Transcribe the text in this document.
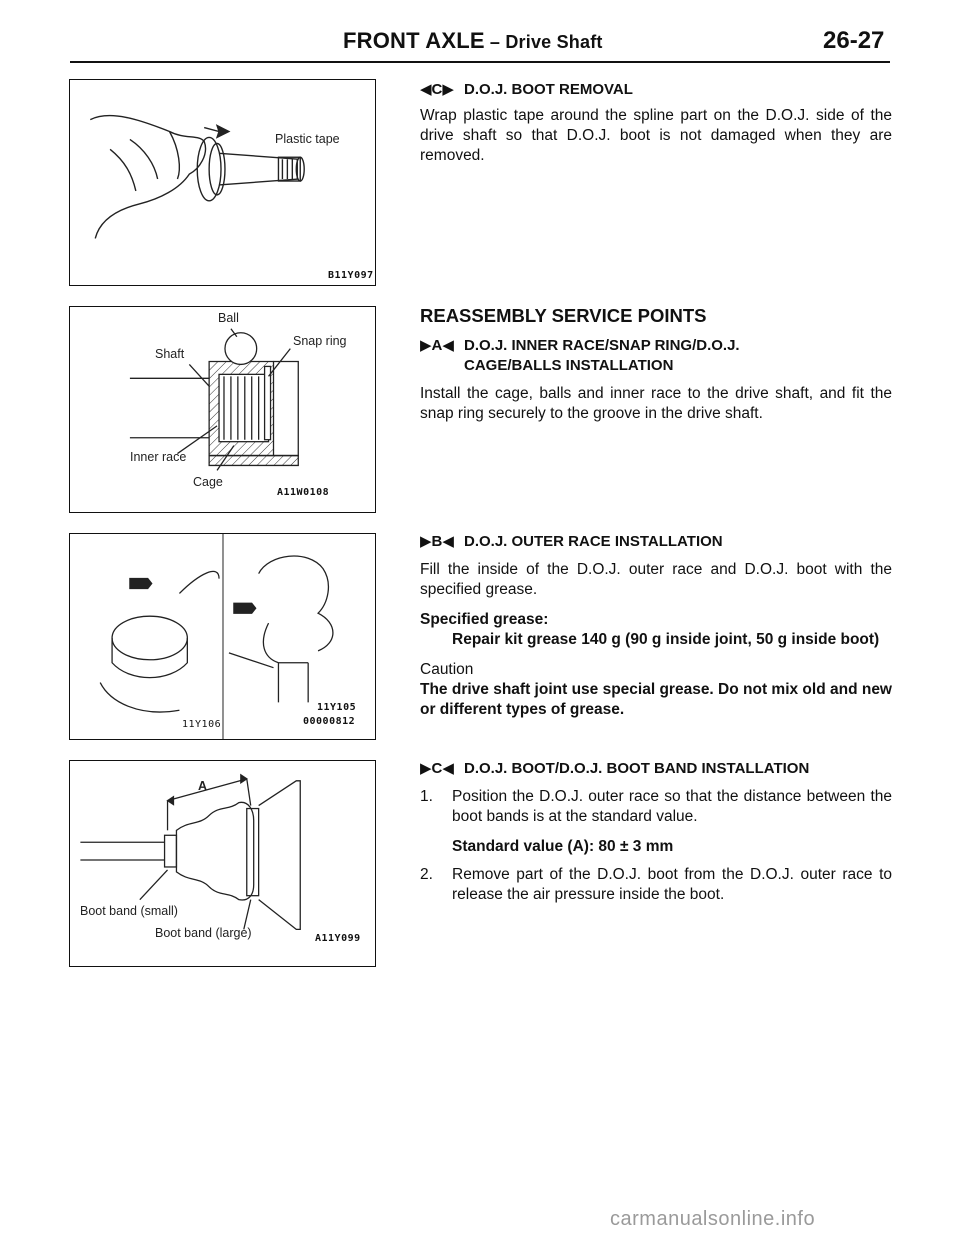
FRONT AXLE – Drive Shaft	26-27
Plastic tape
B11Y097
Ball
Snap ring
Shaft
Inner race
Cage
A11W0108
11Y106
11Y105
00000812
A
Boot band (small)
Boot band (large)	A11Y099
◀C▶ D.O.J. BOOT REMOVAL
Wrap plastic tape around the spline part on the D.O.J. side of the drive shaft so that D.O.J. boot is not damaged when they are removed.
REASSEMBLY SERVICE POINTS
▶A◀ D.O.J. INNER RACE/SNAP RING/D.O.J.
CAGE/BALLS INSTALLATION
Install the cage, balls and inner race to the drive shaft, and fit the snap ring securely to the groove in the drive shaft.
▶B◀ D.O.J. OUTER RACE INSTALLATION
Fill the inside of the D.O.J. outer race and D.O.J. boot with the specified grease.
Specified grease:
Repair kit grease 140 g (90 g inside joint, 50 g inside boot)
Caution
The drive shaft joint use special grease. Do not mix old and new or different types of grease.
▶C◀ D.O.J. BOOT/D.O.J. BOOT BAND INSTALLATION
1.	Position the D.O.J. outer race so that the distance between the boot bands is at the standard value.
Standard value (A): 80 ± 3 mm
2.	Remove part of the D.O.J. boot from the D.O.J. outer race to release the air pressure inside the boot.
carmanualsonline.info
